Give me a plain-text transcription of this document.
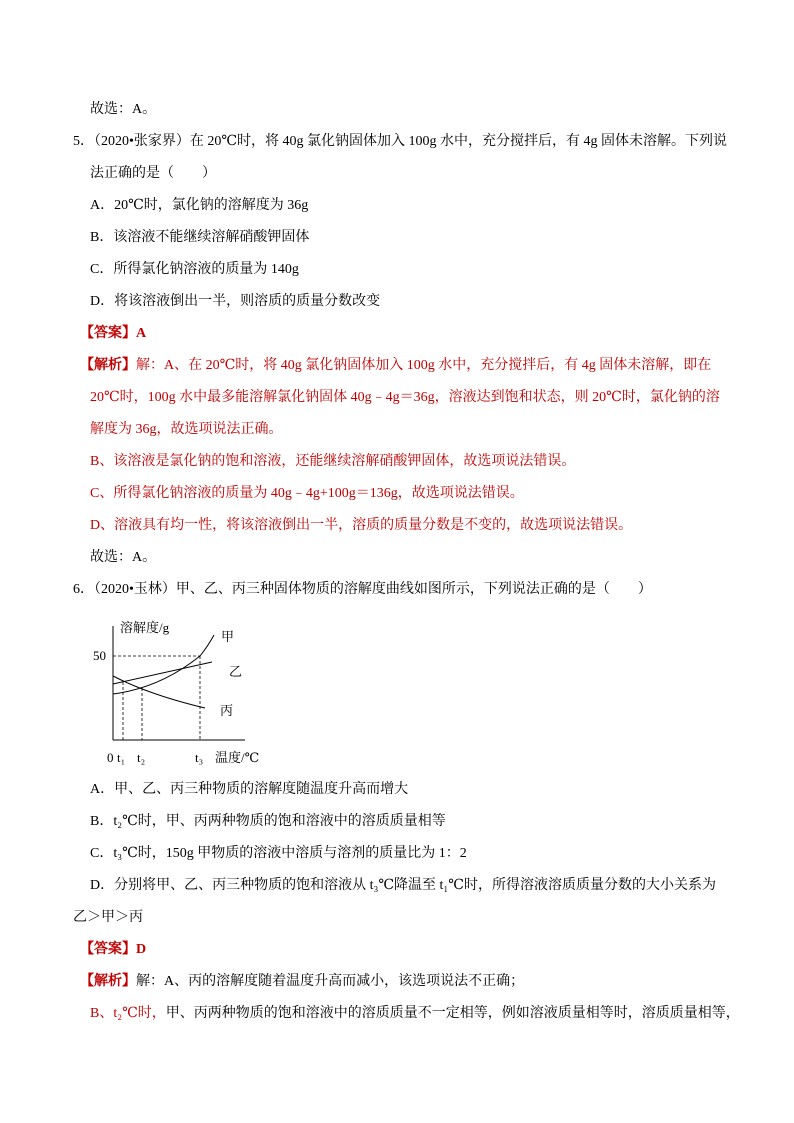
故选：A。
5．（2020•张家界）在 20℃时，将 40g 氯化钠固体加入 100g 水中，充分搅拌后，有 4g 固体未溶解。下列说
法正确的是（　　）
A．20℃时，氯化钠的溶解度为 36g
B．该溶液不能继续溶解硝酸钾固体
C．所得氯化钠溶液的质量为 140g
D．将该溶液倒出一半，则溶质的质量分数改变
【答案】A
【解析】解：A、在 20℃时，将 40g 氯化钠固体加入 100g 水中，充分搅拌后，有 4g 固体未溶解，即在
20℃时，100g 水中最多能溶解氯化钠固体 40g﹣4g＝36g，溶液达到饱和状态，则 20℃时，氯化钠的溶
解度为 36g，故选项说法正确。
B、该溶液是氯化钠的饱和溶液，还能继续溶解硝酸钾固体，故选项说法错误。
C、所得氯化钠溶液的质量为 40g﹣4g+100g＝136g，故选项说法错误。
D、溶液具有均一性，将该溶液倒出一半，溶质的质量分数是不变的，故选项说法错误。
故选：A。
6．（2020•玉林）甲、乙、丙三种固体物质的溶解度曲线如图所示，下列说法正确的是（　　）
溶解度/g
50
甲
乙
丙
0 t₁ t₂	t₃ 温度/℃
A．甲、乙、丙三种物质的溶解度随温度升高而增大
B．t₂℃时，甲、丙两种物质的饱和溶液中的溶质质量相等
C．t₃℃时，150g 甲物质的溶液中溶质与溶剂的质量比为 1：2
D．分别将甲、乙、丙三种物质的饱和溶液从 t₃℃降温至 t₁℃时，所得溶液溶质质量分数的大小关系为
乙＞甲＞丙
【答案】D
【解析】解：A、丙的溶解度随着温度升高而减小，该选项说法不正确；
B、t₂℃时，甲、丙两种物质的饱和溶液中的溶质质量不一定相等，例如溶液质量相等时，溶质质量相等，
